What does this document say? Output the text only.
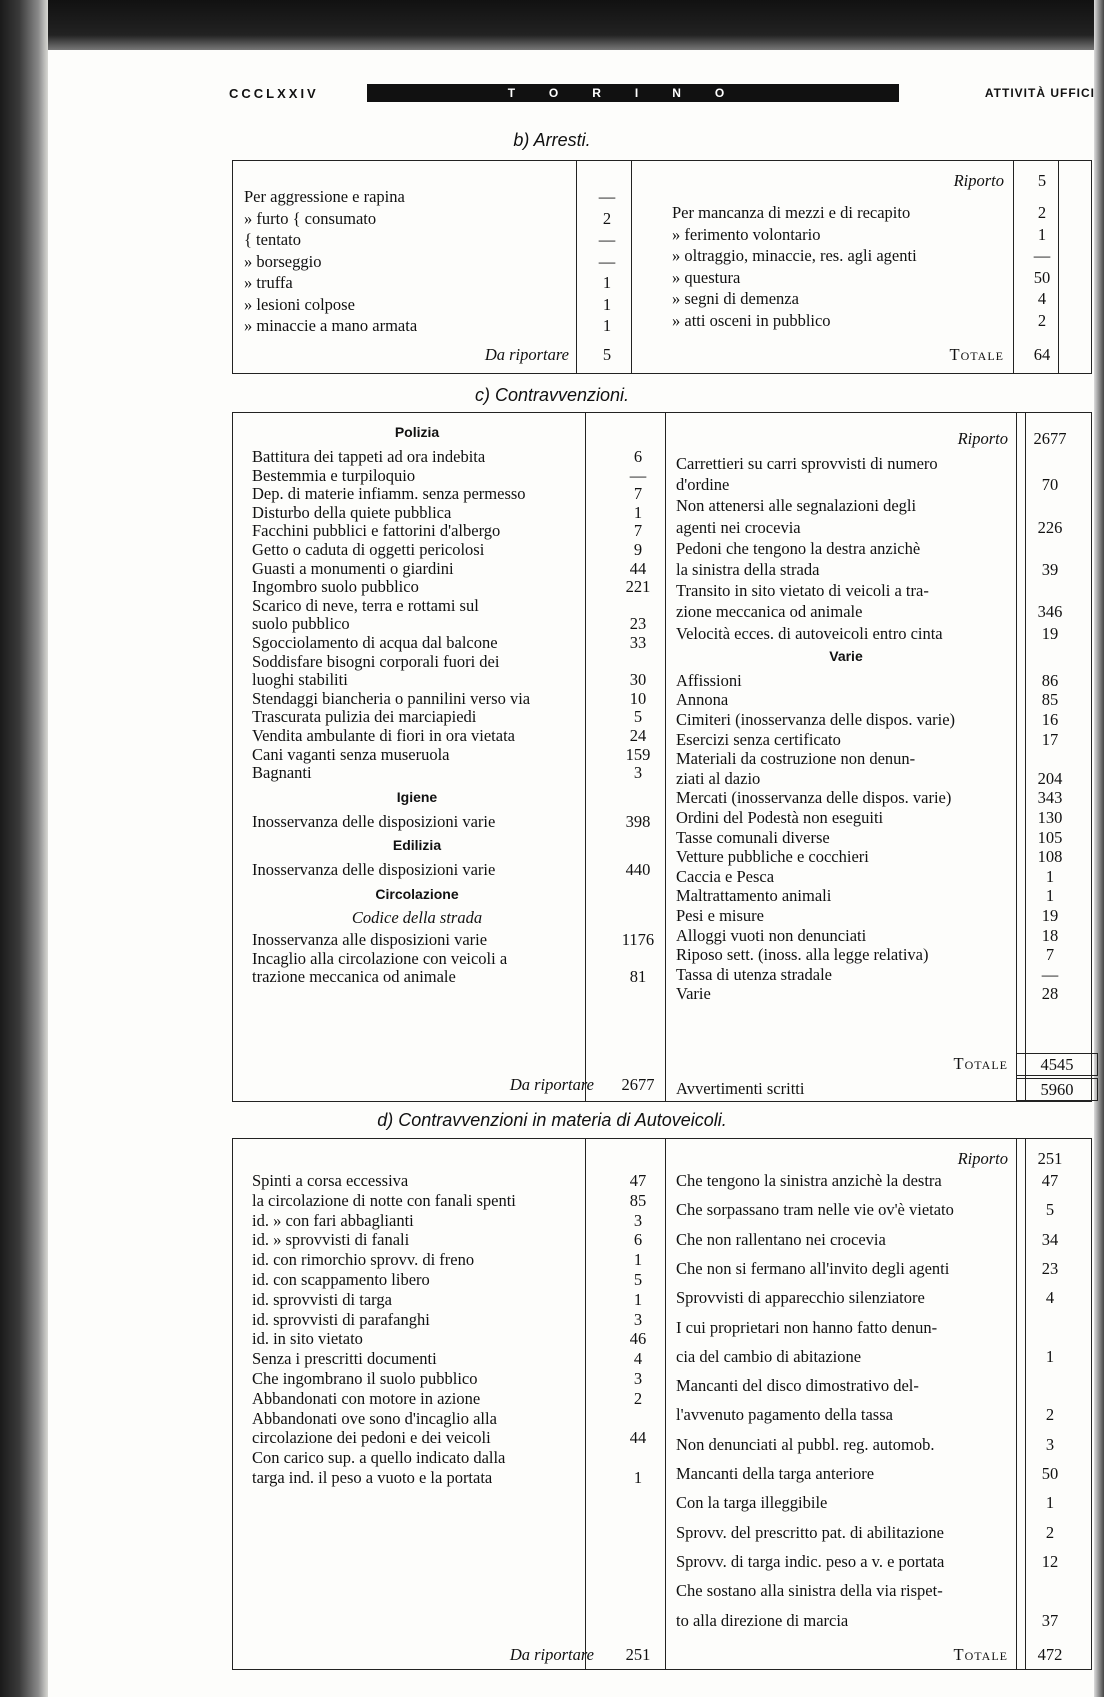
CCCLXXIV	TORINO	ATTIVITÀ UFFICI
b) Arresti.
c) Contravvenzioni.
d) Contravvenzioni in materia di Autoveicoli.
Per aggressione e rapina	—
» furto { consumato	2
{ tentato	—
» borseggio	—
» truffa	1
» lesioni colpose	1
» minaccie a mano armata	1
Da riportare	5
Riporto	5
Per mancanza di mezzi e di recapito	2
» ferimento volontario	1
» oltraggio, minaccie, res. agli agenti	—
» questura	50
» segni di demenza	4
» atti osceni in pubblico	2
Totale	64
Polizia
Battitura dei tappeti ad ora indebita	6
Bestemmia e turpiloquio	—
Dep. di materie infiamm. senza permesso	7
Disturbo della quiete pubblica	1
Facchini pubblici e fattorini d'albergo	7
Getto o caduta di oggetti pericolosi	9
Guasti a monumenti o giardini	44
Ingombro suolo pubblico	221
Scarico di neve, terra e rottami sul
suolo pubblico	23
Sgocciolamento di acqua dal balcone	33
Soddisfare bisogni corporali fuori dei
luoghi stabiliti	30
Stendaggi biancheria o pannilini verso via	10
Trascurata pulizia dei marciapiedi	5
Vendita ambulante di fiori in ora vietata	24
Cani vaganti senza museruola	159
Bagnanti	3
Igiene
Inosservanza delle disposizioni varie	398
Edilizia
Inosservanza delle disposizioni varie	440
Circolazione
Codice della strada
Inosservanza alle disposizioni varie	1176
Incaglio alla circolazione con veicoli a
trazione meccanica od animale	81
Da riportare	2677
Riporto	2677
Carrettieri su carri sprovvisti di numero
d'ordine	70
Non attenersi alle segnalazioni degli
agenti nei crocevia	226
Pedoni che tengono la destra anzichè
la sinistra della strada	39
Transito in sito vietato di veicoli a tra-
zione meccanica od animale	346
Velocità ecces. di autoveicoli entro cinta	19
Varie
Affissioni	86
Annona	85
Cimiteri (inosservanza delle dispos. varie)	16
Esercizi senza certificato	17
Materiali da costruzione non denun-
ziati al dazio	204
Mercati (inosservanza delle dispos. varie)	343
Ordini del Podestà non eseguiti	130
Tasse comunali diverse	105
Vetture pubbliche e cocchieri	108
Caccia e Pesca	1
Maltrattamento animali	1
Pesi e misure	19
Alloggi vuoti non denunciati	18
Riposo sett. (inoss. alla legge relativa)	7
Tassa di utenza stradale	—
Varie	28
Totale	4545
Avvertimenti scritti	5960
Spinti a corsa eccessiva	47
la circolazione di notte con fanali spenti	85
id. » con fari abbaglianti	3
id. » sprovvisti di fanali	6
id. con rimorchio sprovv. di freno	1
id. con scappamento libero	5
id. sprovvisti di targa	1
id. sprovvisti di parafanghi	3
id. in sito vietato	46
Senza i prescritti documenti	4
Che ingombrano il suolo pubblico	3
Abbandonati con motore in azione	2
Abbandonati ove sono d'incaglio alla
circolazione dei pedoni e dei veicoli	44
Con carico sup. a quello indicato dalla
targa ind. il peso a vuoto e la portata	1
Da riportare	251
Riporto	251
Che tengono la sinistra anzichè la destra	47
Che sorpassano tram nelle vie ov'è vietato	5
Che non rallentano nei crocevia	34
Che non si fermano all'invito degli agenti	23
Sprovvisti di apparecchio silenziatore	4
I cui proprietari non hanno fatto denun-
cia del cambio di abitazione	1
Mancanti del disco dimostrativo del-
l'avvenuto pagamento della tassa	2
Non denunciati al pubbl. reg. automob.	3
Mancanti della targa anteriore	50
Con la targa illeggibile	1
Sprovv. del prescritto pat. di abilitazione	2
Sprovv. di targa indic. peso a v. e portata	12
Che sostano alla sinistra della via rispet-
to alla direzione di marcia	37
Totale	472
